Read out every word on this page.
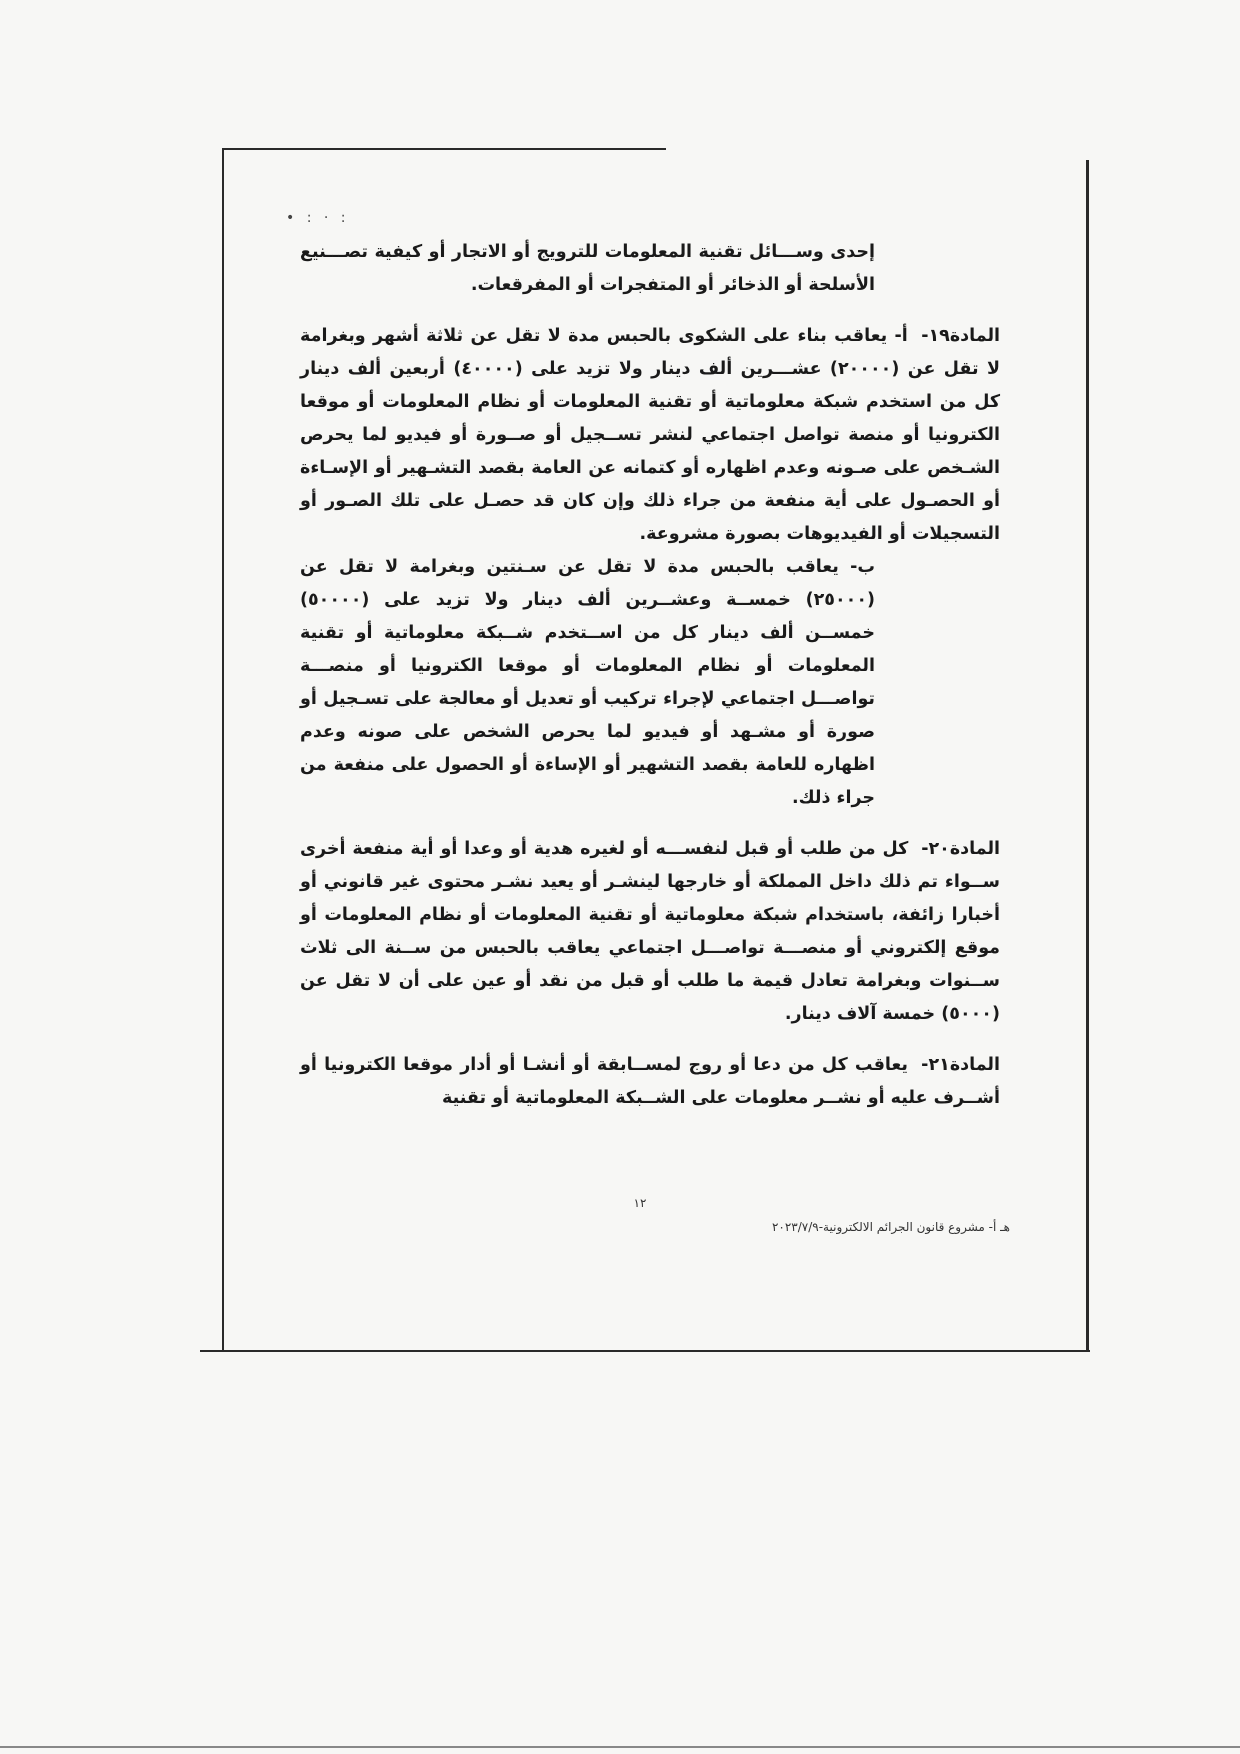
• : · :

إحدى وســـائل تقنية المعلومات للترويج أو الاتجار أو كيفية تصـــنيع الأسلحة أو الذخائر أو المتفجرات أو المفرقعات.

المادة١٩- أ- يعاقب بناء على الشكوى بالحبس مدة لا تقل عن ثلاثة أشهر وبغرامة لا تقل عن (٢٠٠٠٠) عشـــرين ألف دينار ولا تزيد على (٤٠٠٠٠) أربعين ألف دينار كل من استخدم شبكة معلوماتية أو تقنية المعلومات أو نظام المعلومات أو موقعا الكترونيا أو منصة تواصل اجتماعي لنشر تســجيل أو صــورة أو فيديو لما يحرص الشـخص على صـونه وعدم اظهاره أو كتمانه عن العامة بقصد التشـهير أو الإسـاءة أو الحصـول على أية منفعة من جراء ذلك وإن كان قد حصـل على تلك الصـور أو التسجيلات أو الفيديوهات بصورة مشروعة.

ب- يعاقب بالحبس مدة لا تقل عن سـنتين وبغرامة لا تقل عن (٢٥٠٠٠) خمســة وعشــرين ألف دينار ولا تزيد على (٥٠٠٠٠) خمســن ألف دينار كل من اســتخدم شــبكة معلوماتية أو تقنية المعلومات أو نظام المعلومات أو موقعا الكترونيا أو منصـــة تواصـــل اجتماعي لإجراء تركيب أو تعديل أو معالجة على تسـجيل أو صورة أو مشـهد أو فيديو لما يحرص الشخص على صونه وعدم اظهاره للعامة بقصد التشهير أو الإساءة أو الحصول على منفعة من جراء ذلك.

المادة٢٠- كل من طلب أو قبل لنفســـه أو لغيره هدية أو وعدا أو أية منفعة أخرى ســواء تم ذلك داخل المملكة أو خارجها لينشـر أو يعيد نشـر محتوى غير قانوني أو أخبارا زائفة، باستخدام شبكة معلوماتية أو تقنية المعلومات أو نظام المعلومات أو موقع إلكتروني أو منصـــة تواصـــل اجتماعي يعاقب بالحبس من ســنة الى ثلاث ســنوات وبغرامة تعادل قيمة ما طلب أو قبل من نقد أو عين على أن لا تقل عن (٥٠٠٠) خمسة آلاف دينار.

المادة٢١- يعاقب كل من دعا أو روج لمســابقة أو أنشـا أو أدار موقعا الكترونيا أو أشــرف عليه أو نشــر معلومات على الشــبكة المعلوماتية أو تقنية

١٢
هـ أ- مشروع قانون الجرائم الالكترونية-٢٠٢٣/٧/٩
